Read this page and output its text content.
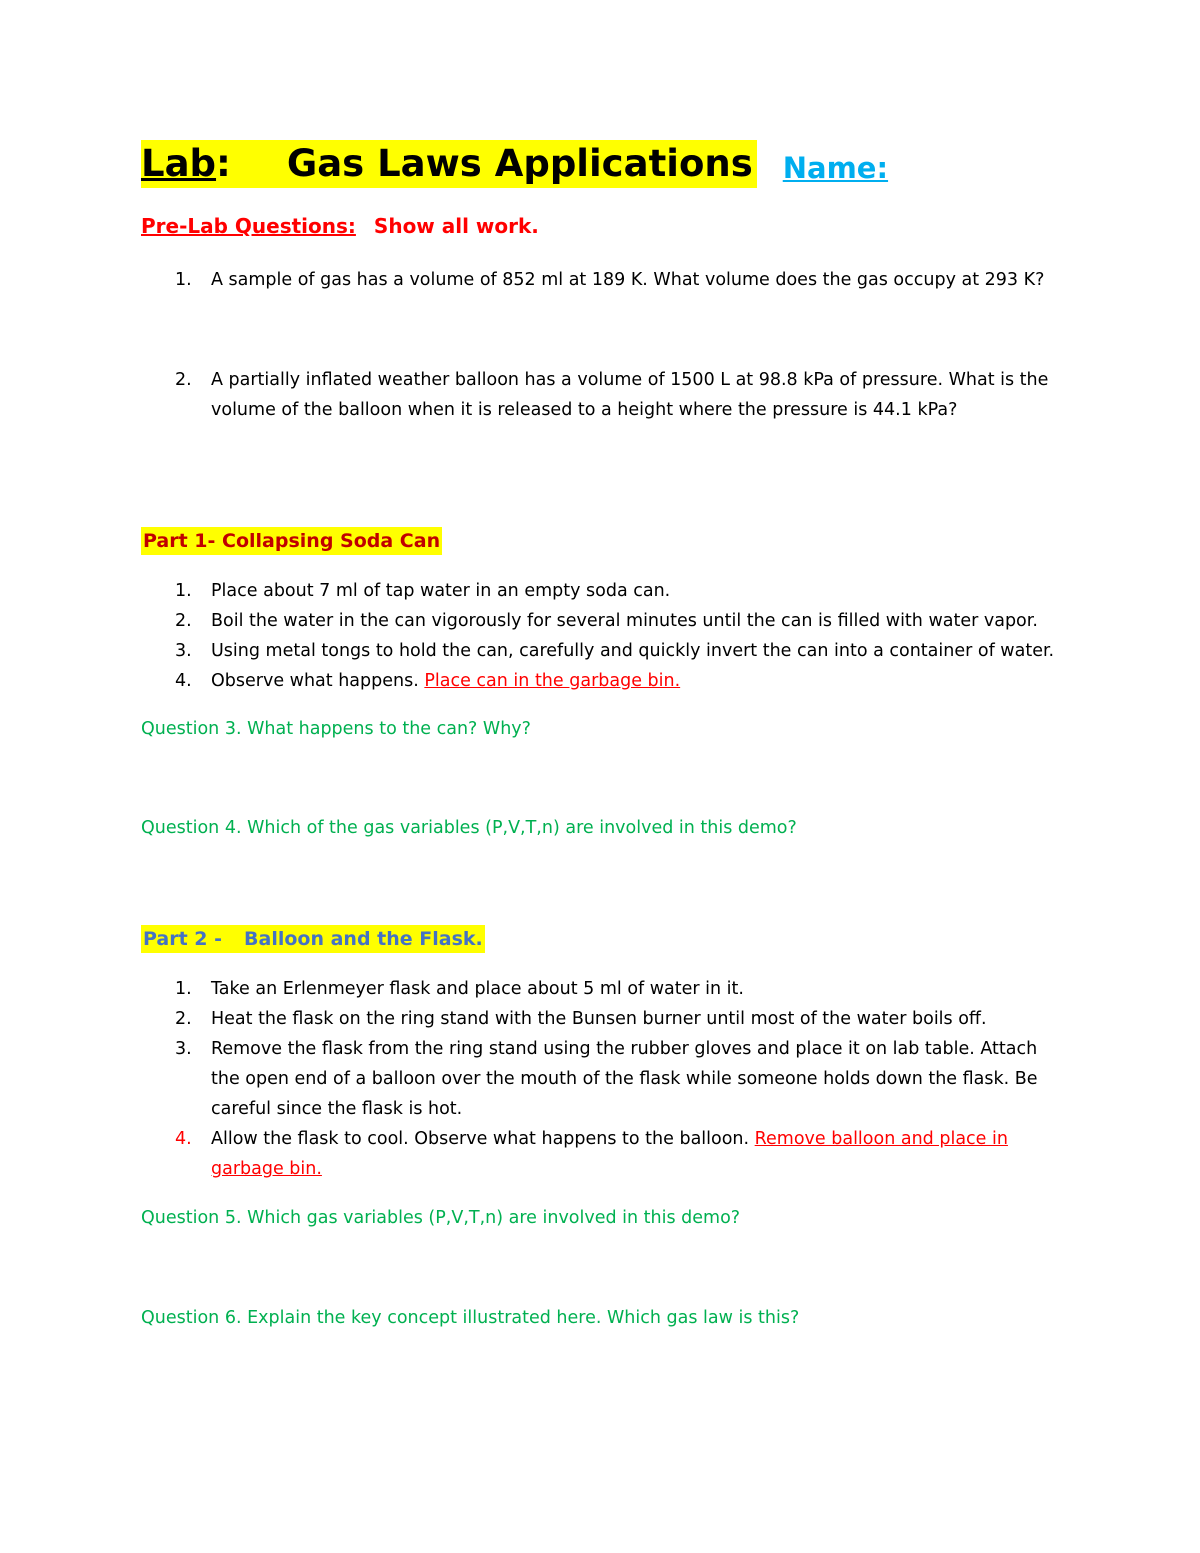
Lab: Gas Laws Applications Name:
Pre-Lab Questions: Show all work.
1. A sample of gas has a volume of 852 ml at 189 K. What volume does the gas occupy at 293 K?
2. A partially inflated weather balloon has a volume of 1500 L at 98.8 kPa of pressure. What is the volume of the balloon when it is released to a height where the pressure is 44.1 kPa?
Part 1- Collapsing Soda Can
1. Place about 7 ml of tap water in an empty soda can.
2. Boil the water in the can vigorously for several minutes until the can is filled with water vapor.
3. Using metal tongs to hold the can, carefully and quickly invert the can into a container of water.
4. Observe what happens. Place can in the garbage bin.
Question 3. What happens to the can? Why?
Question 4. Which of the gas variables (P,V,T,n) are involved in this demo?
Part 2 - Balloon and the Flask.
1. Take an Erlenmeyer flask and place about 5 ml of water in it.
2. Heat the flask on the ring stand with the Bunsen burner until most of the water boils off.
3. Remove the flask from the ring stand using the rubber gloves and place it on lab table. Attach the open end of a balloon over the mouth of the flask while someone holds down the flask. Be careful since the flask is hot.
4. Allow the flask to cool. Observe what happens to the balloon. Remove balloon and place in garbage bin.
Question 5. Which gas variables (P,V,T,n) are involved in this demo?
Question 6. Explain the key concept illustrated here. Which gas law is this?
